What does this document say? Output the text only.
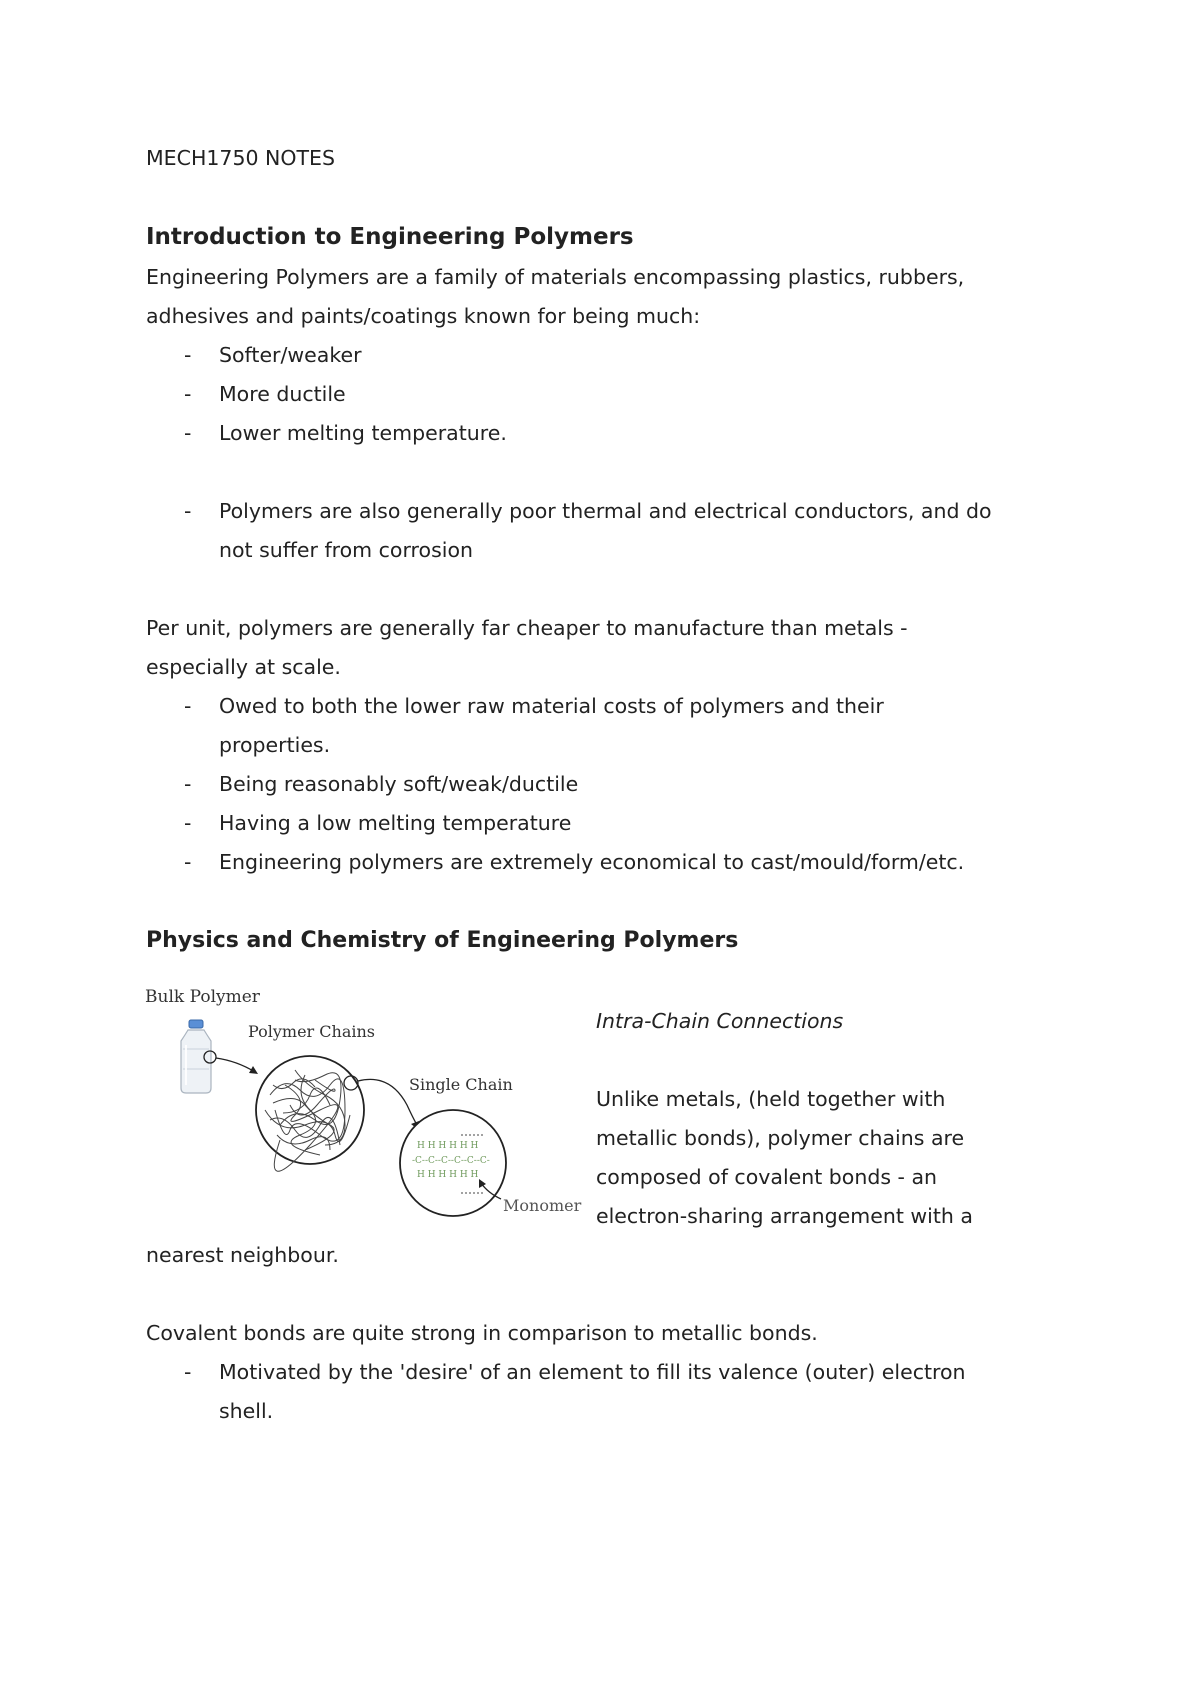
MECH1750 NOTES

Introduction to Engineering Polymers

Engineering Polymers are a family of materials encompassing plastics, rubbers,

adhesives and paints/coatings known for being much:

- Softer/weaker

- More ductile

- Lower melting temperature.

- Polymers are also generally poor thermal and electrical conductors, and do

not suffer from corrosion

Per unit, polymers are generally far cheaper to manufacture than metals -

especially at scale.

- Owed to both the lower raw material costs of polymers and their

properties.

- Being reasonably soft/weak/ductile

- Having a low melting temperature

- Engineering polymers are extremely economical to cast/mould/form/etc.

Physics and Chemistry of Engineering Polymers

Bulk Polymer
Polymer Chains
Single Chain
Monomer
H H H H H H
-C--C--C--C--C--C-
H H H H H H

Intra-Chain Connections

Unlike metals, (held together with

metallic bonds), polymer chains are

composed of covalent bonds - an

electron-sharing arrangement with a

nearest neighbour.

Covalent bonds are quite strong in comparison to metallic bonds.

- Motivated by the 'desire' of an element to fill its valence (outer) electron

shell.
